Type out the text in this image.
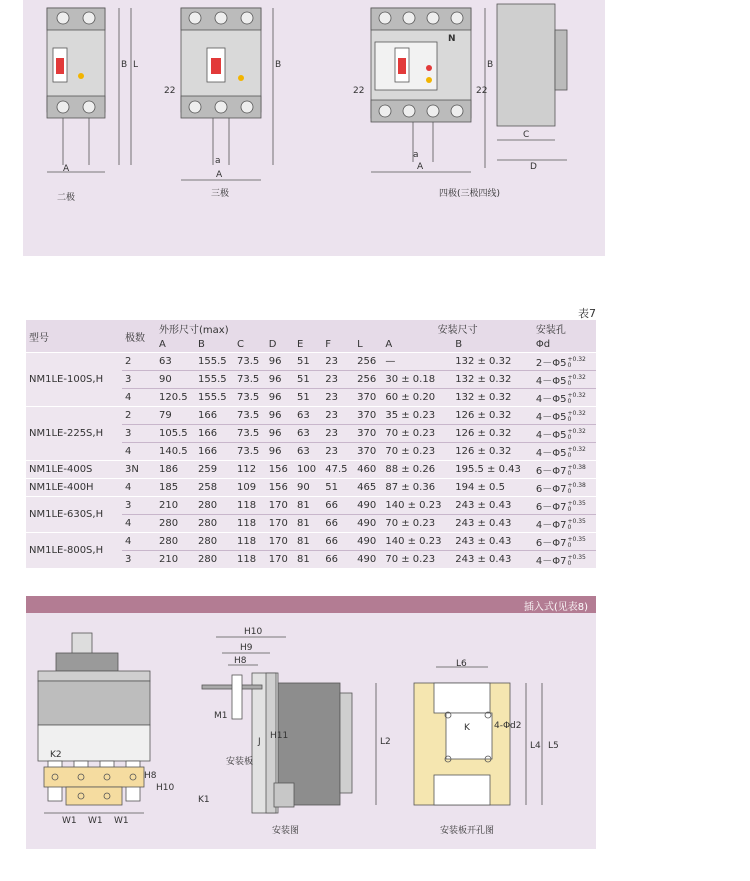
二极	三极	四极(三极四线)
A
A
A
C
D
B L	B	B
a
a
22	22	22
N
表7
型号	极数	外形尺寸(max)							安装尺寸		安装孔
		A	B	C	D	E	F	L	A	B	Φd
NM1LE-100S,H	2	63	155.5	73.5	96	51	23	256	—	132 ± 0.32	2－Φ5 +0.32
0

	3	90	155.5	73.5	96	51	23	256	30 ± 0.18	132 ± 0.32	4－Φ5 +0.32
0

	4	120.5	155.5	73.5	96	51	23	370	60 ± 0.20	132 ± 0.32	4－Φ5 +0.32
0

NM1LE-225S,H	2	79	166	73.5	96	63	23	370	35 ± 0.23	126 ± 0.32	4－Φ5 +0.32
0

	3	105.5	166	73.5	96	63	23	370	70 ± 0.23	126 ± 0.32	4－Φ5 +0.32
0

	4	140.5	166	73.5	96	63	23	370	70 ± 0.23	126 ± 0.32	4－Φ5 +0.32
0

NM1LE-400S	3N	186	259	112	156	100	47.5	460	88 ± 0.26	195.5 ± 0.43	6－Φ7 +0.38
0

NM1LE-400H	4	185	258	109	156	90	51	465	87 ± 0.36	194 ± 0.5	6－Φ7 +0.38
0

NM1LE-630S,H	3	210	280	118	170	81	66	490	140 ± 0.23	243 ± 0.43	6－Φ7 +0.35
0

	4	280	280	118	170	81	66	490	70 ± 0.23	243 ± 0.43	4－Φ7 +0.35
0

NM1LE-800S,H	4	280	280	118	170	81	66	490	140 ± 0.23	243 ± 0.43	6－Φ7 +0.35
0

	3	210	280	118	170	81	66	490	70 ± 0.23	243 ± 0.43	4－Φ7 +0.35
0
插入式(见表8)
K2
H8
H10
W1 W1 W1
H10
H9
H8
M1
H11
J	L2
K1
安装板
安装图
L6
K	4-Φd2
L4 L5
安装板开孔图
